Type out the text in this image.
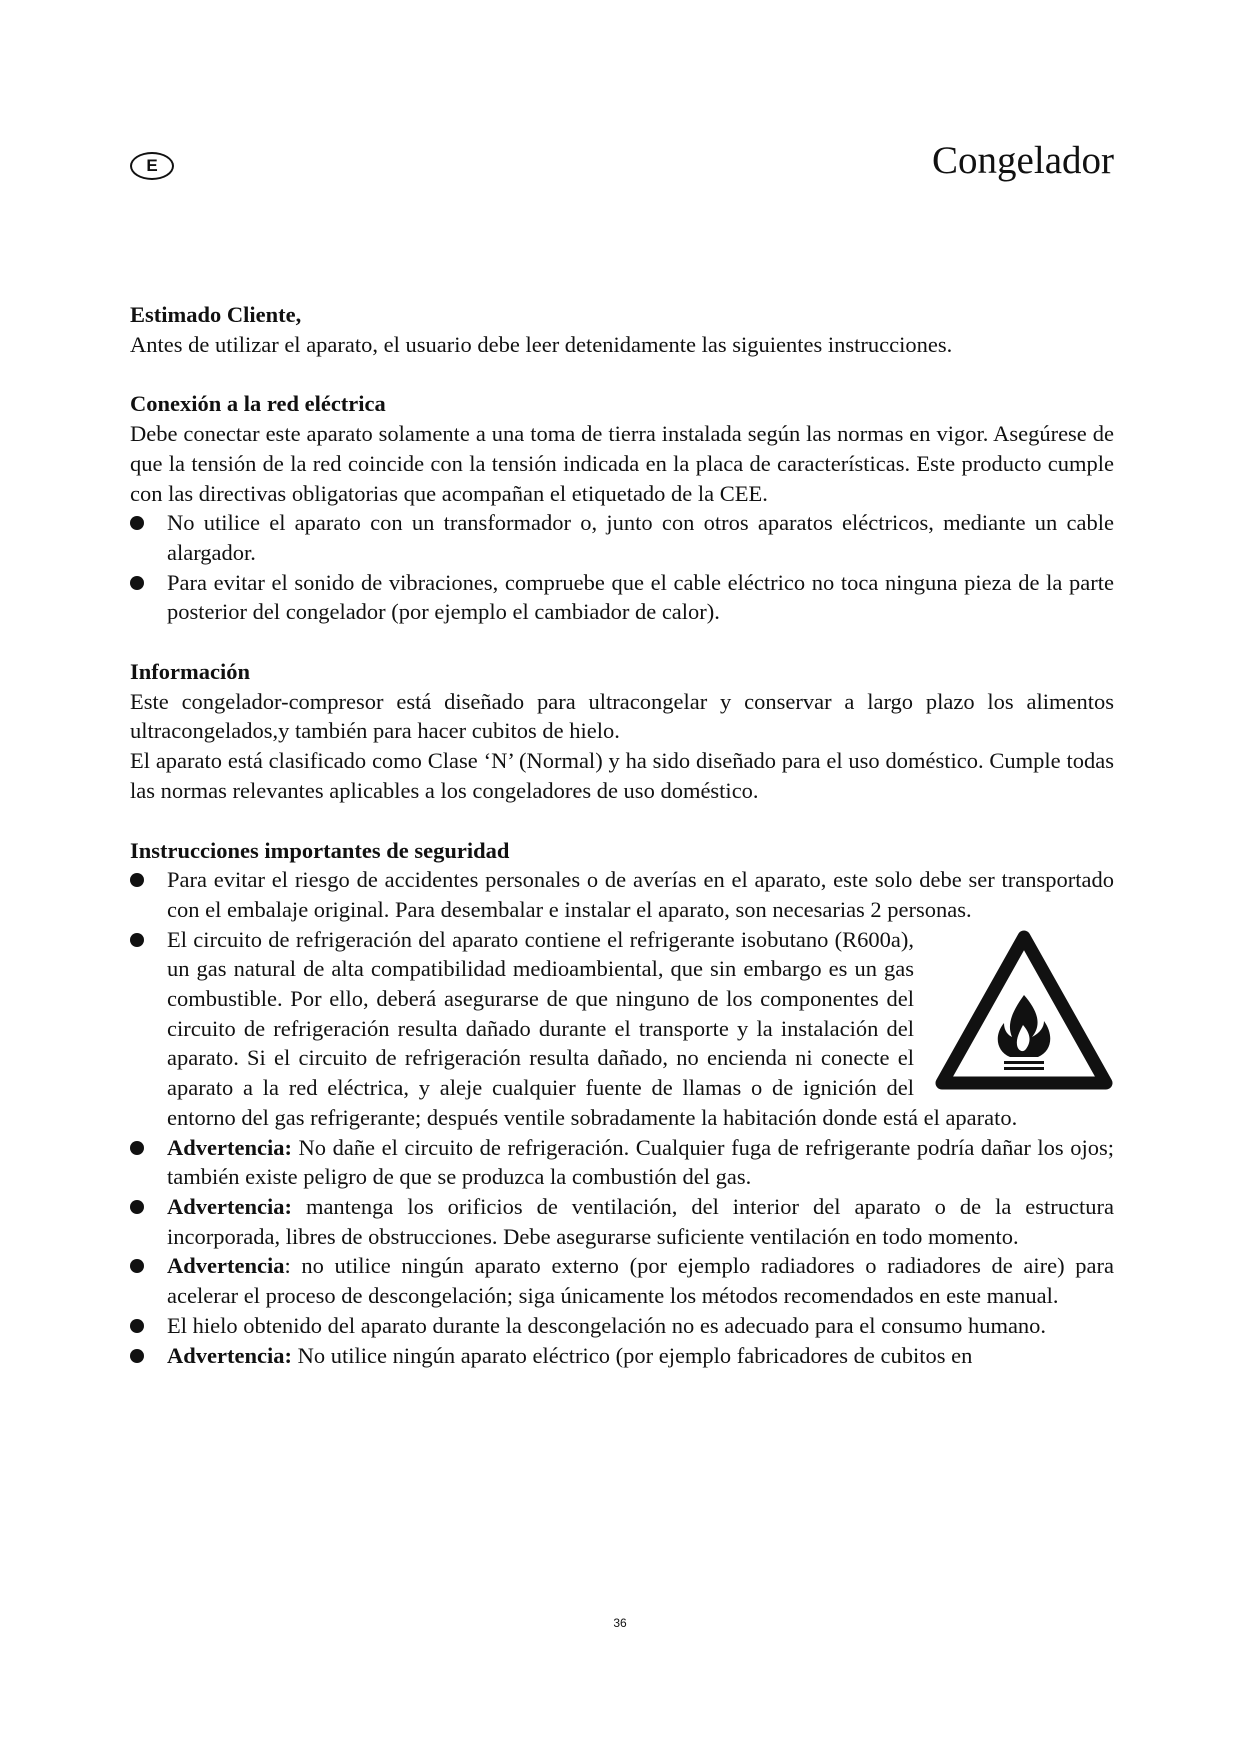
E	Congelador

Estimado Cliente,

Antes de utilizar el aparato, el usuario debe leer detenidamente las siguientes instrucciones.

Conexión a la red eléctrica

Debe conectar este aparato solamente a una toma de tierra instalada según las normas en vigor. Asegúrese de que la tensión de la red coincide con la tensión indicada en la placa de características. Este producto cumple con las directivas obligatorias que acompañan el etiquetado de la CEE.

No utilice el aparato con un transformador o, junto con otros aparatos eléctricos, mediante un cable alargador.
Para evitar el sonido de vibraciones, compruebe que el cable eléctrico no toca ninguna pieza de la parte posterior del congelador (por ejemplo el cambiador de calor).

Información

Este congelador-compresor está diseñado para ultracongelar y conservar a largo plazo los alimentos ultracongelados,y también para hacer cubitos de hielo.

El aparato está clasificado como Clase ‘N’ (Normal) y ha sido diseñado para el uso doméstico. Cumple todas las normas relevantes aplicables a los congeladores de uso doméstico.

Instrucciones importantes de seguridad

Para evitar el riesgo de accidentes personales o de averías en el aparato, este solo debe ser transportado con el embalaje original. Para desembalar e instalar el aparato, son necesarias 2 personas.
El circuito de refrigeración del aparato contiene el refrigerante isobutano (R600a), un gas natural de alta compatibilidad medioambiental, que sin embargo es un gas combustible. Por ello, deberá asegurarse de que ninguno de los componentes del circuito de refrigeración resulta dañado durante el transporte y la instalación del aparato. Si el circuito de refrigeración resulta dañado, no encienda ni conecte el aparato a la red eléctrica, y aleje cualquier fuente de llamas o de ignición del entorno del gas refrigerante; después ventile sobradamente la habitación donde está el aparato.
Advertencia: No dañe el circuito de refrigeración. Cualquier fuga de refrigerante podría dañar los ojos; también existe peligro de que se produzca la combustión del gas.
Advertencia: mantenga los orificios de ventilación, del interior del aparato o de la estructura incorporada, libres de obstrucciones. Debe asegurarse suficiente ventilación en todo momento.
Advertencia: no utilice ningún aparato externo (por ejemplo radiadores o radiadores de aire) para acelerar el proceso de descongelación; siga únicamente los métodos recomendados en este manual.
El hielo obtenido del aparato durante la descongelación no es adecuado para el consumo humano.
Advertencia: No utilice ningún aparato eléctrico (por ejemplo fabricadores de cubitos en
36
